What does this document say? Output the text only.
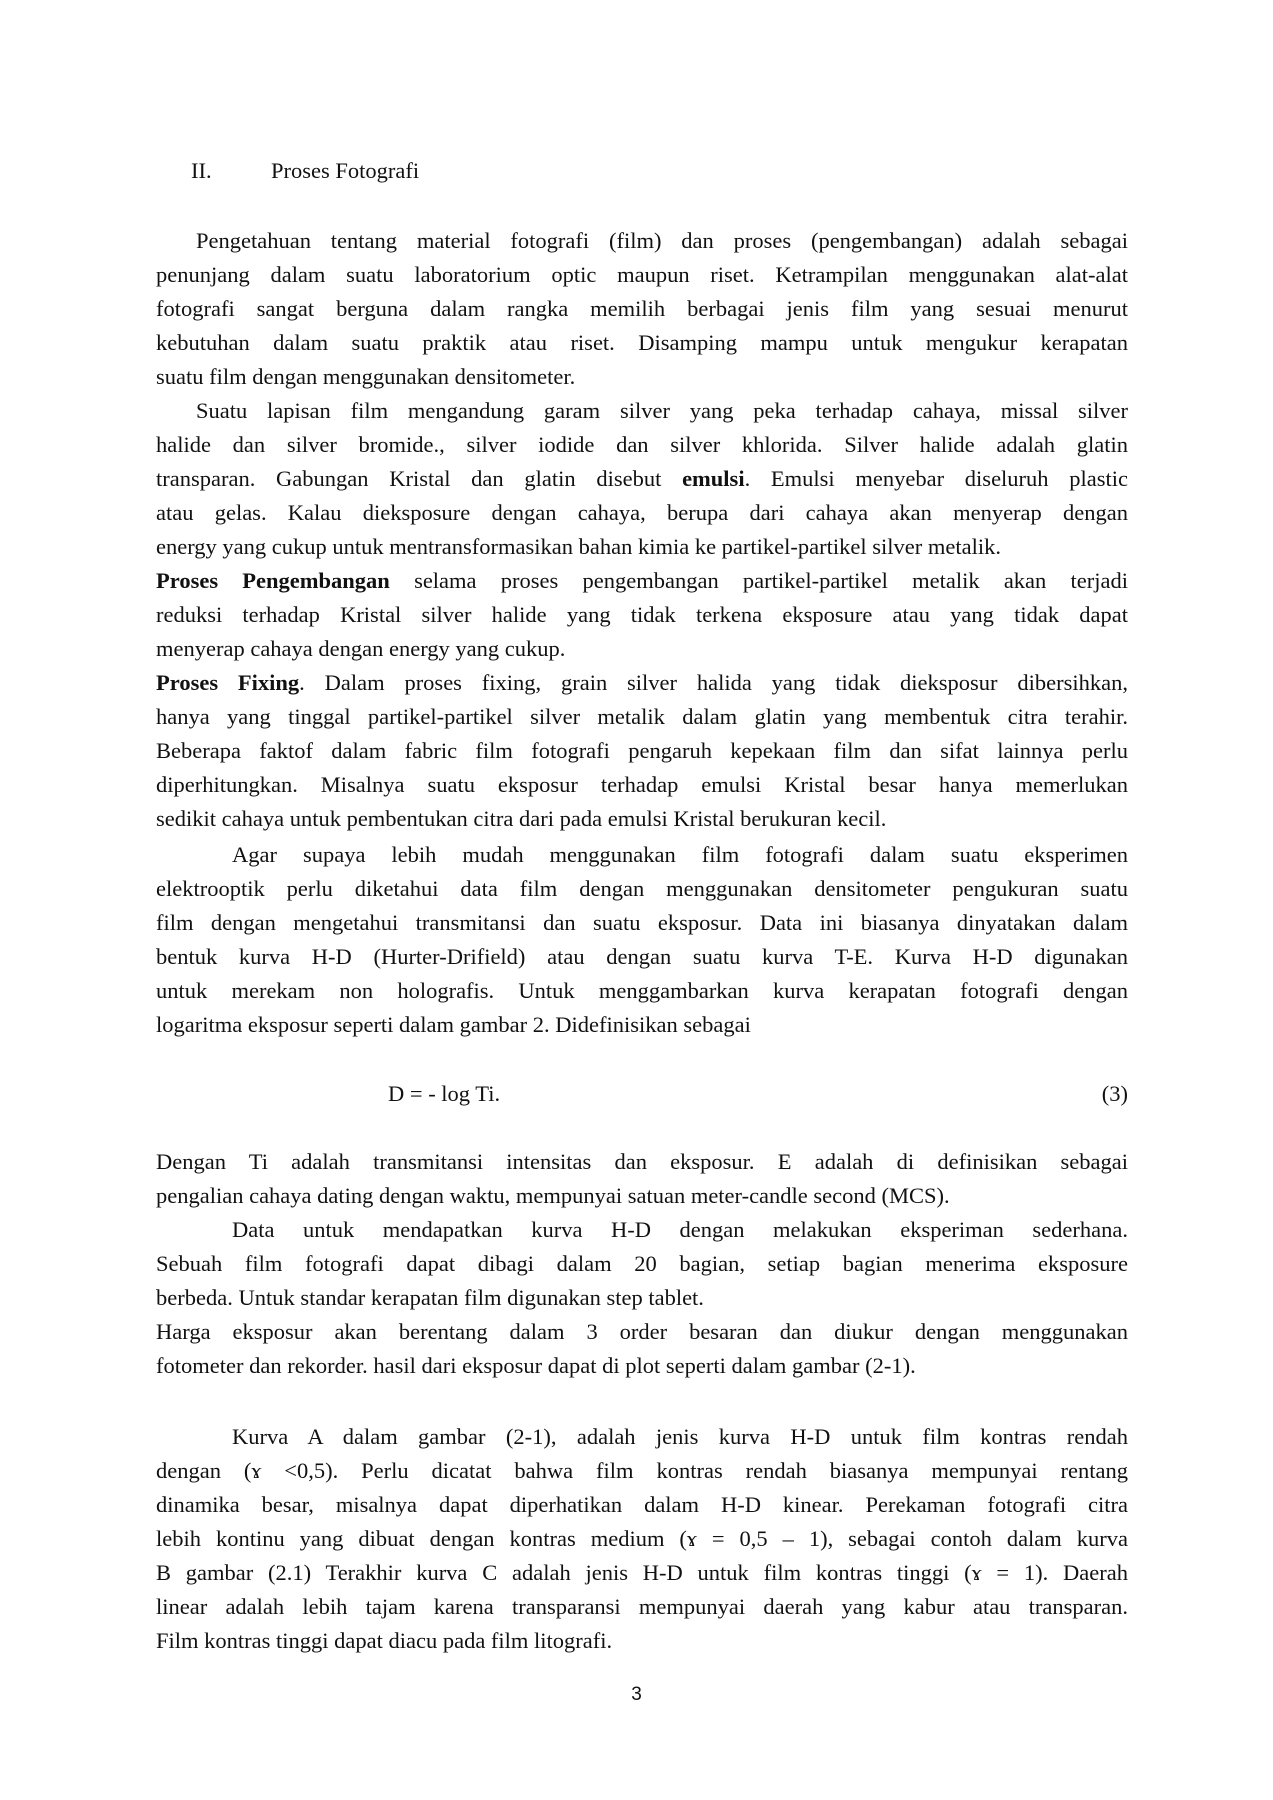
II.	Proses Fotografi
Pengetahuan tentang material fotografi (film) dan proses (pengembangan) adalah sebagai
penunjang dalam suatu laboratorium optic maupun riset. Ketrampilan menggunakan alat-alat
fotografi sangat berguna dalam rangka memilih berbagai jenis film yang sesuai menurut
kebutuhan dalam suatu praktik atau riset. Disamping mampu untuk mengukur kerapatan
suatu film dengan menggunakan densitometer.
Suatu lapisan film mengandung garam silver yang peka terhadap cahaya, missal silver
halide dan silver bromide., silver iodide dan silver khlorida. Silver halide adalah glatin
transparan. Gabungan Kristal dan glatin disebut emulsi. Emulsi menyebar diseluruh plastic
atau gelas. Kalau dieksposure dengan cahaya, berupa dari cahaya akan menyerap dengan
energy yang cukup untuk mentransformasikan bahan kimia ke partikel-partikel silver metalik.
Proses Pengembangan selama proses pengembangan partikel-partikel metalik akan terjadi
reduksi terhadap Kristal silver halide yang tidak terkena eksposure atau yang tidak dapat
menyerap cahaya dengan energy yang cukup.
Proses Fixing. Dalam proses fixing, grain silver halida yang tidak dieksposur dibersihkan,
hanya yang tinggal partikel-partikel silver metalik dalam glatin yang membentuk citra terahir.
Beberapa faktof dalam fabric film fotografi pengaruh kepekaan film dan sifat lainnya perlu
diperhitungkan. Misalnya suatu eksposur terhadap emulsi Kristal besar hanya memerlukan
sedikit cahaya untuk pembentukan citra dari pada emulsi Kristal berukuran kecil.
Agar supaya lebih mudah menggunakan film fotografi dalam suatu eksperimen
elektrooptik perlu diketahui data film dengan menggunakan densitometer pengukuran suatu
film dengan mengetahui transmitansi dan suatu eksposur. Data ini biasanya dinyatakan dalam
bentuk kurva H-D (Hurter-Drifield) atau dengan suatu kurva T-E. Kurva H-D digunakan
untuk merekam non holografis. Untuk menggambarkan kurva kerapatan fotografi dengan
logaritma eksposur seperti dalam gambar 2. Didefinisikan sebagai
D = - log Ti.	(3)
Dengan Ti adalah transmitansi intensitas dan eksposur. E adalah di definisikan sebagai
pengalian cahaya dating dengan waktu, mempunyai satuan meter-candle second (MCS).
Data untuk mendapatkan kurva H-D dengan melakukan eksperiman sederhana.
Sebuah film fotografi dapat dibagi dalam 20 bagian, setiap bagian menerima eksposure
berbeda. Untuk standar kerapatan film digunakan step tablet.
Harga eksposur akan berentang dalam 3 order besaran dan diukur dengan menggunakan
fotometer dan rekorder. hasil dari eksposur dapat di plot seperti dalam gambar (2-1).
Kurva A dalam gambar (2-1), adalah jenis kurva H-D untuk film kontras rendah
dengan (ɤ <0,5). Perlu dicatat bahwa film kontras rendah biasanya mempunyai rentang
dinamika besar, misalnya dapat diperhatikan dalam H-D kinear. Perekaman fotografi citra
lebih kontinu yang dibuat dengan kontras medium (ɤ = 0,5 – 1), sebagai contoh dalam kurva
B gambar (2.1) Terakhir kurva C adalah jenis H-D untuk film kontras tinggi (ɤ = 1). Daerah
linear adalah lebih tajam karena transparansi mempunyai daerah yang kabur atau transparan.
Film kontras tinggi dapat diacu pada film litografi.
3
